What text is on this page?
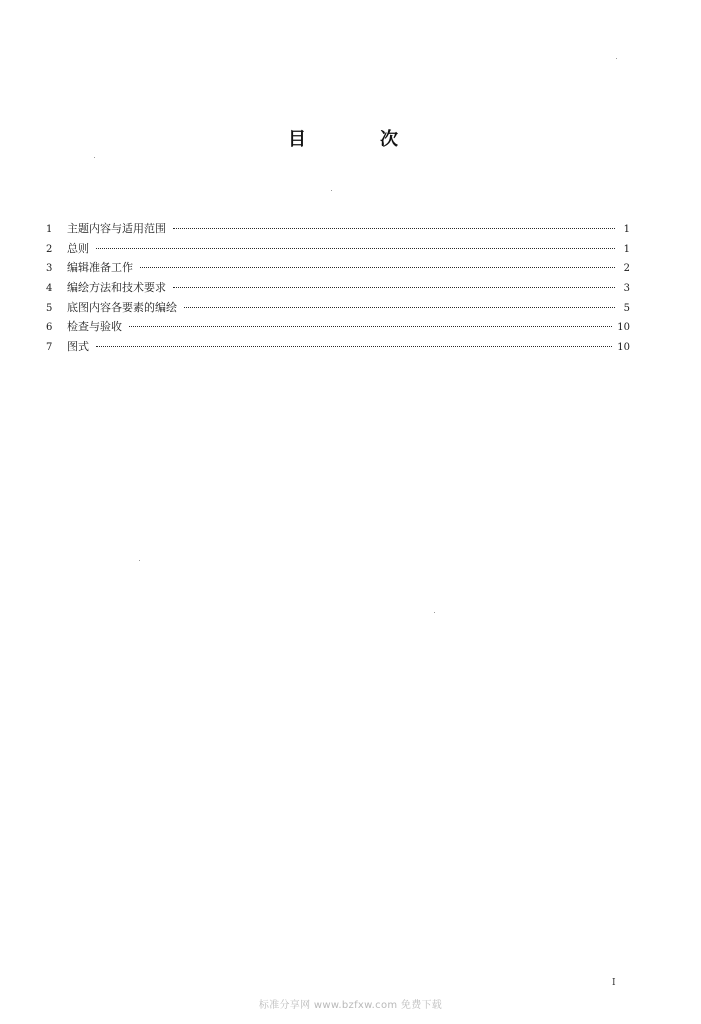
目	次
1	主题内容与适用范围	1
2	总则	1
3	编辑准备工作	2
4	编绘方法和技术要求	3
5	底图内容各要素的编绘	5
6	检查与验收	10
7	图式	10
I
标准分享网 www.bzfxw.com 免费下载
